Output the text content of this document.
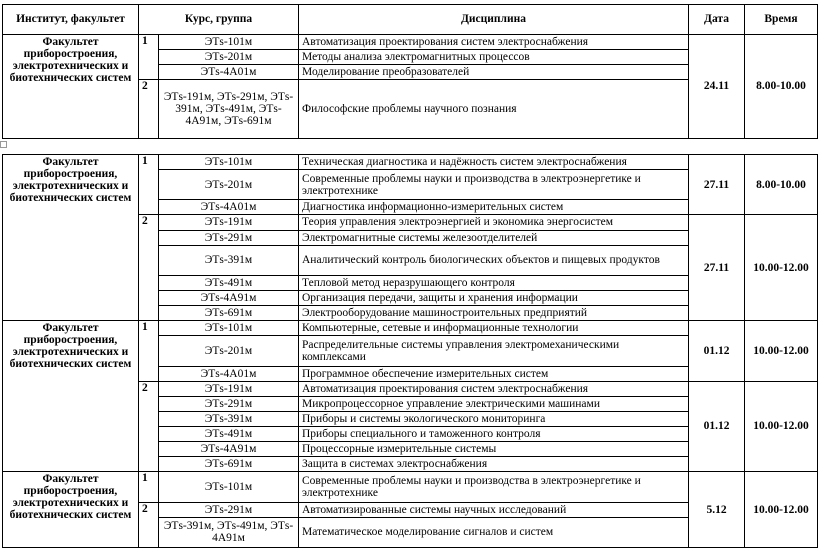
Институт, факультет	Курс, группа		Дисциплина	Дата	Время
Факультет приборостроения, электротехнических и биотехнических систем	1	ЭТs-101м	Автоматизация проектирования систем электроснабжения	24.11	8.00-10.00
		ЭТs-201м	Методы анализа электромагнитных процессов		
		ЭТs-4А01м	Моделирование преобразователей		
	2	ЭТs-191м, ЭТs-291м, ЭТs-391м, ЭТs-491м, ЭТs-4А91м, ЭТs-691м	Философские проблемы научного познания		
Факультет приборостроения, электротехнических и биотехнических систем	1	ЭТs-101м	Техническая диагностика и надёжность систем электроснабжения	27.11	8.00-10.00
		ЭТs-201м	Современные проблемы науки и производства в электроэнергетике и электротехнике		
		ЭТs-4А01м	Диагностика информационно-измерительных систем		
	2	ЭТs-191м	Теория управления электроэнергией и экономика энергосистем	27.11	10.00-12.00
		ЭТs-291м	Электромагнитные системы железоотделителей		
		ЭТs-391м	Аналитический контроль биологических объектов и пищевых продуктов		
		ЭТs-491м	Тепловой метод неразрушающего контроля		
		ЭТs-4А91м	Организация передачи, защиты и хранения информации		
		ЭТs-691м	Электрооборудование машиностроительных предприятий		
Факультет приборостроения, электротехнических и биотехнических систем	1	ЭТs-101м	Компьютерные, сетевые и информационные технологии	01.12	10.00-12.00
		ЭТs-201м	Распределительные системы управления электромеханическими комплексами		
		ЭТs-4А01м	Программное обеспечение измерительных систем		
	2	ЭТs-191м	Автоматизация проектирования систем электроснабжения	01.12	10.00-12.00
		ЭТs-291м	Микропроцессорное управление электрическими машинами		
		ЭТs-391м	Приборы и системы экологического мониторинга		
		ЭТs-491м	Приборы специального и таможенного контроля		
		ЭТs-4А91м	Процессорные измерительные системы		
		ЭТs-691м	Защита в системах электроснабжения		
Факультет приборостроения, электротехнических и биотехнических систем	1	ЭТs-101м	Современные проблемы науки и производства в электроэнергетике и электротехнике	5.12	10.00-12.00
	2	ЭТs-291м	Автоматизированные системы научных исследований		
		ЭТs-391м, ЭТs-491м, ЭТs-4А91м	Математическое моделирование сигналов и систем		
